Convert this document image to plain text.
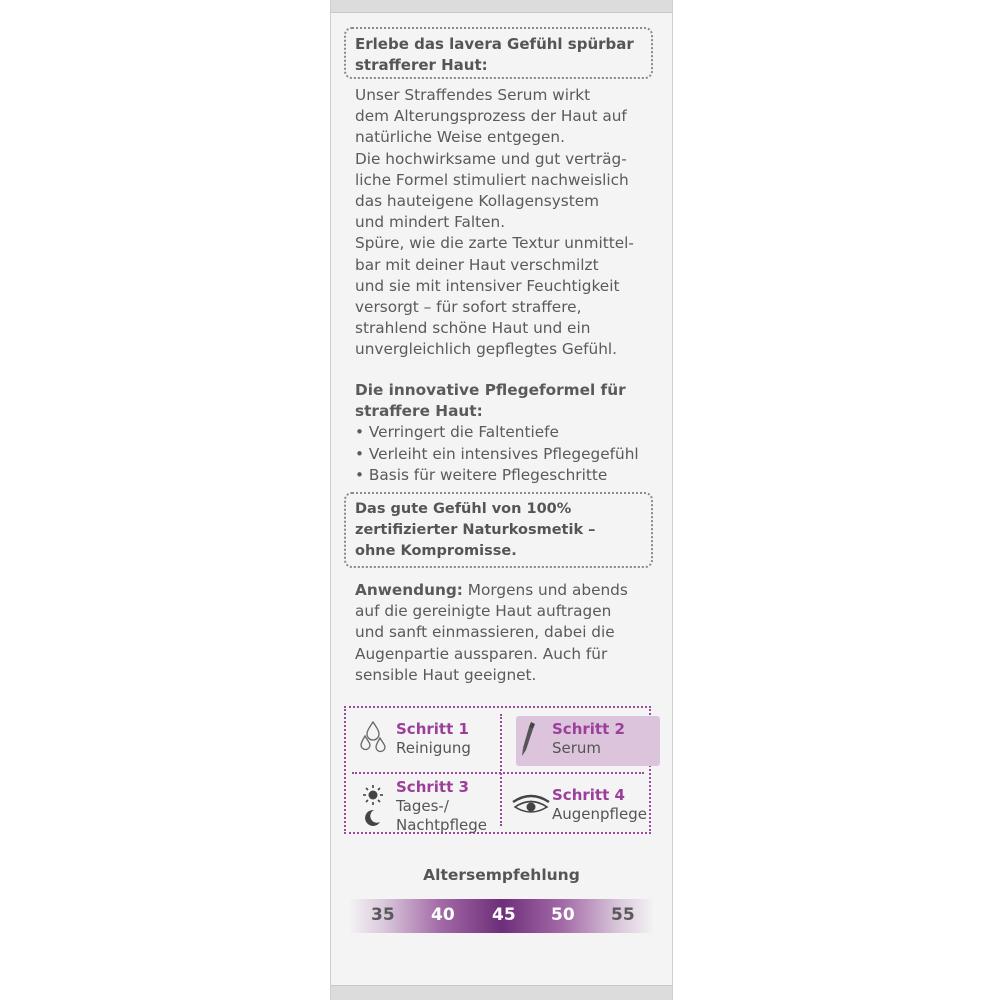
Erlebe das lavera Gefühl spürbar
strafferer Haut:
Unser Straffendes Serum wirkt
dem Alterungsprozess der Haut auf
natürliche Weise entgegen.
Die hochwirksame und gut verträg-
liche Formel stimuliert nachweislich
das hauteigene Kollagensystem
und mindert Falten.
Spüre, wie die zarte Textur unmittel-
bar mit deiner Haut verschmilzt
und sie mit intensiver Feuchtigkeit
versorgt – für sofort straffere,
strahlend schöne Haut und ein
unvergleichlich gepflegtes Gefühl.
Die innovative Pflegeformel für
straffere Haut:
• Verringert die Faltentiefe
• Verleiht ein intensives Pflegegefühl
• Basis für weitere Pflegeschritte
Das gute Gefühl von 100%
zertifizierter Naturkosmetik –
ohne Kompromisse.
Anwendung: Morgens und abends
auf die gereinigte Haut auftragen
und sanft einmassieren, dabei die
Augenpartie aussparen. Auch für
sensible Haut geeignet.
Schritt 1
Reinigung
Schritt 2
Serum
Schritt 3
Tages-/
Nachtpflege
Schritt 4
Augenpflege
Altersempfehlung
35 40 45 50 55
